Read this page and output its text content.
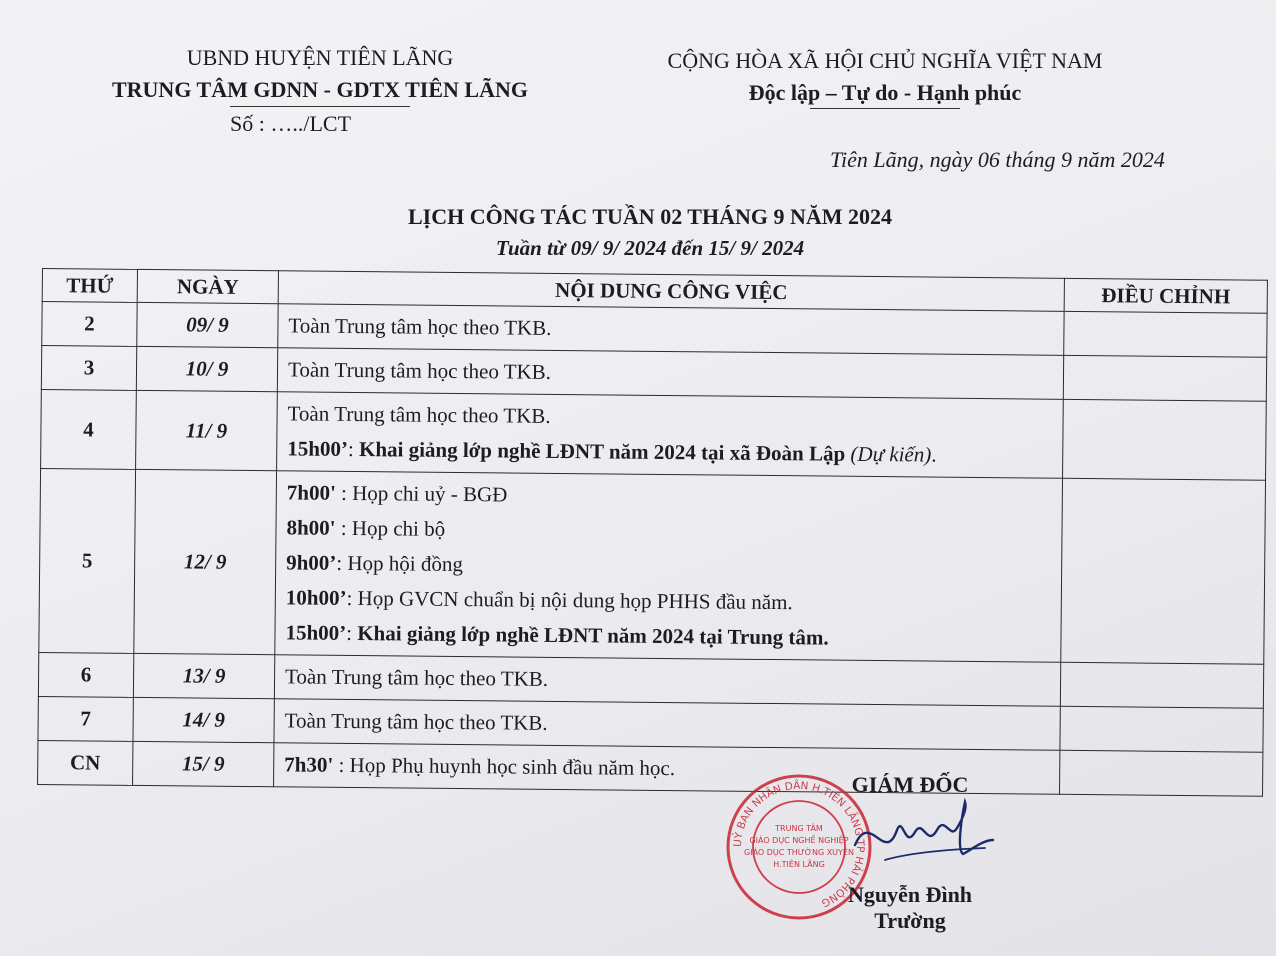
UBND HUYỆN TIÊN LÃNG
TRUNG TÂM GDNN - GDTX TIÊN LÃNG
Số : …../LCT
CỘNG HÒA XÃ HỘI CHỦ NGHĨA VIỆT NAM
Độc lập – Tự do - Hạnh phúc
Tiên Lãng, ngày 06 tháng 9 năm 2024
LỊCH CÔNG TÁC TUẦN 02 THÁNG 9 NĂM 2024
Tuần từ 09/ 9/ 2024 đến 15/ 9/ 2024
THỨ	NGÀY	NỘI DUNG CÔNG VIỆC	ĐIỀU CHỈNH
2	09/ 9	Toàn Trung tâm học theo TKB.	

3	10/ 9	Toàn Trung tâm học theo TKB.	

4	11/ 9	Toàn Trung tâm học theo TKB.
15h00’: Khai giảng lớp nghề LĐNT năm 2024 tại xã Đoàn Lập (Dự kiến).	

5	12/ 9	7h00' : Họp chi uỷ - BGĐ
8h00' : Họp chi bộ
9h00’: Họp hội đồng
10h00’: Họp GVCN chuẩn bị nội dung họp PHHS đầu năm.
15h00’: Khai giảng lớp nghề LĐNT năm 2024 tại Trung tâm.	

6	13/ 9	Toàn Trung tâm học theo TKB.	

7	14/ 9	Toàn Trung tâm học theo TKB.	

CN	15/ 9	7h30' : Họp Phụ huynh học sinh đầu năm học.	

UỶ BAN NHÂN DÂN H.TIÊN LÃNG TP HẢI PHÒNG
TRUNG TÂM GIÁO DỤC NGHỀ NGHIỆP GIÁO DỤC THƯỜNG XUYÊN H.TIÊN LÃNG
GIÁM ĐỐC
Nguyễn Đình Trường
